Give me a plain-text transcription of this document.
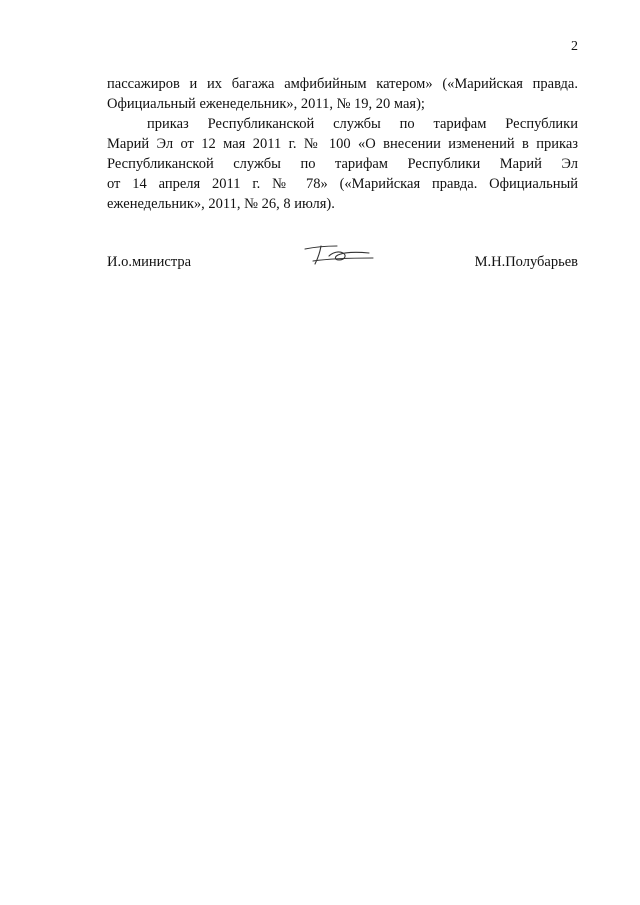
2

пассажиров и их багажа амфибийным катером» («Марийская правда.
Официальный еженедельник», 2011, № 19, 20 мая);

приказ Республиканской службы по тарифам Республики
Марий Эл от 12 мая 2011 г. № 100 «О внесении изменений в приказ
Республиканской службы по тарифам Республики Марий Эл
от 14 апреля 2011 г. № 78» («Марийская правда. Официальный
еженедельник», 2011, № 26, 8 июля).

И.о.министра	М.Н.Полубарьев
